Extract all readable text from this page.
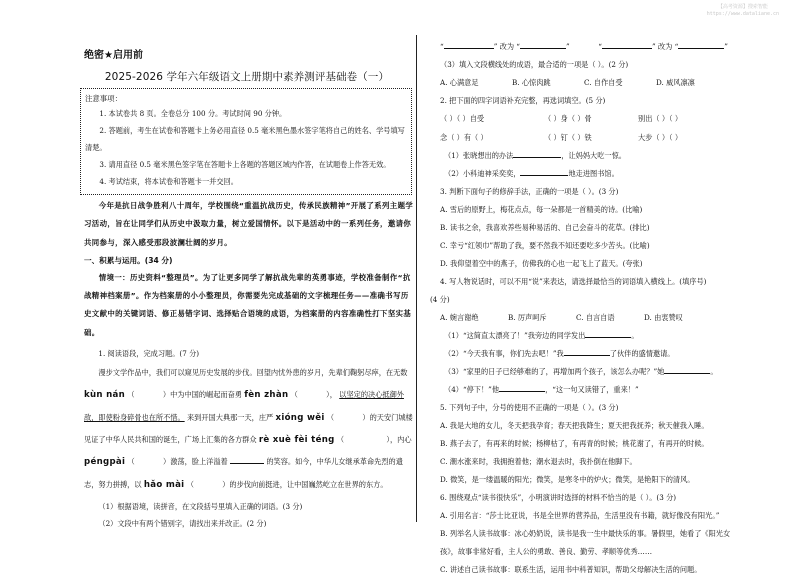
【高考资源】搜索智能
https://www.dataliane.cn
绝密★启用前
2025-2026 学年六年级语文上册期中素养测评基础卷（一）
注意事项：

1. 本试卷共 8 页。全卷总分 100 分。考试时间 90 分钟。

2. 答题前，考生在试卷和答题卡上务必用直径 0.5 毫米黑色墨水签字笔将自己的姓名、学号填写清楚。

3. 请用直径 0.5 毫米黑色签字笔在答题卡上各题的答题区域内作答，在试题卷上作答无效。

4. 考试结束，将本试卷和答题卡一并交回。

今年是抗日战争胜利八十周年，学校围绕“重温抗战历史，传承民族精神”开展了系列主题学习活动，旨在让同学们从历史中汲取力量，树立爱国情怀。以下是活动中的一系列任务，邀请你共同参与，深入感受那段波澜壮阔的岁月。
一、积累与运用。(34 分)
情境一：历史资料“整理员”。为了让更多同学了解抗战先辈的英勇事迹，学校准备制作“抗战精神档案册”。作为档案册的小小整理员，你需要先完成基础的文字梳理任务——准确书写历史文献中的关键词语、修正易错字词、选择贴合语境的成语，为档案册的内容准确性打下坚实基础。
1. 阅读语段，完成习题。(7 分)
漫步文学作品中，我们可以窥见历史发展的步伐。回望内忧外患的岁月，先辈们鞠躬尽瘁，在无数 kùn nán （	）中为中国的崛起而奋勇 fèn zhàn （	）， 以坚定的决心抵御外敌，即使粉身碎骨也在所不惜。 来到开国大典那一天，庄严 xióng wěi （	）的天安门城楼见证了中华人民共和国的诞生，广场上汇集的各方群众 rè xuè fèi téng （	），内心 péngpài （	）激荡，脸上洋溢着	的笑容。如今，中华儿女继承革命先烈的遗志，努力拼搏，以 hǎo mài （	）的步伐向前挺进，让中国巍然屹立在世界的东方。
（1）根据语境，读拼音，在文段括号里填入正确的词语。(3 分)
（2）文段中有两个错别字，请找出来并改正。(2 分)
“	” 改为 “	”	“	” 改为 “	”
（3）填入文段横线处的成语，最合适的一项是（ ）。(2 分)
A. 心满意足	B. 心惊肉跳	C. 自作自受	D. 威风凛凛
2. 把下面的四字词语补充完整，再选词填空。(5 分)
（ ）（ ）自受	（ ）身（ ）骨	别出（ ）（ ）
念（ ）有（ ）	（ ）钉（ ）铁	大步（ ）（ ）
（1）张晓想出的办法	，让妈妈大吃一惊。
（2）小科迪神采奕奕，	地走进图书馆。
3. 判断下面句子的修辞手法，正确的一项是（ ）。(3 分)
A. 雪后的原野上，梅花点点，每一朵都是一首精美的诗。(比喻)
B. 读书之余，我喜欢养些易种易活的、自己会奋斗的花草。(排比)
C. 幸亏“红领巾”帮助了我，要不然我不知还要吃多少苦头。(比喻)
D. 我仰望着空中的燕子，仿佛我的心也一起飞上了蓝天。(夸张)
4. 写人物说话时，可以不用“说”来表达，请选择最恰当的词语填入横线上。(填序号)
(4 分)
A. 婉言谢绝	B. 厉声呵斥	C. 自言自语	D. 由衷赞叹
（1）“这简直太漂亮了！”我旁边的同学发出	。
（2）“今天我有事，你们先去吧！”我	了伙伴的盛情邀请。
（3）“家里的日子已经够难的了，再增加两个孩子，该怎么办呢？”她	。
（4）“停下！”他	，“这一句又读错了，重来！”
5. 下列句子中，分号的使用不正确的一项是（ ）。(3 分)
A. 我是大地的女儿，冬天把我孕育；春天把我降生；夏天把我抚养；秋天催我入睡。
B. 燕子去了，有再来的时候；杨柳枯了，有再青的时候；桃花谢了，有再开的时候。
C. 潮水涨来时，我拥抱着他；潮水退去时，我扑倒在他脚下。
D. 微笑，是一缕温暖的阳光；微笑，是寒冬中的炉火；微笑，是艳阳下的清风。
6. 围绕观点“读书很快乐”，小明演讲时选择的材料不恰当的是（ ）。(3 分)
A. 引用名言：“莎士比亚说，书是全世界的营养品，生活里没有书籍，就好像没有阳光。”
B. 列举名人读书故事：冰心奶奶说，读书是我一生中最快乐的事。暑假里，她看了《阳光女孩》，故事非常好看，主人公的勇敢、善良、勤劳、孝顺等优秀……
C. 讲述自己读书故事：联系生活，运用书中科普知识，帮助父母解决生活的问题。
